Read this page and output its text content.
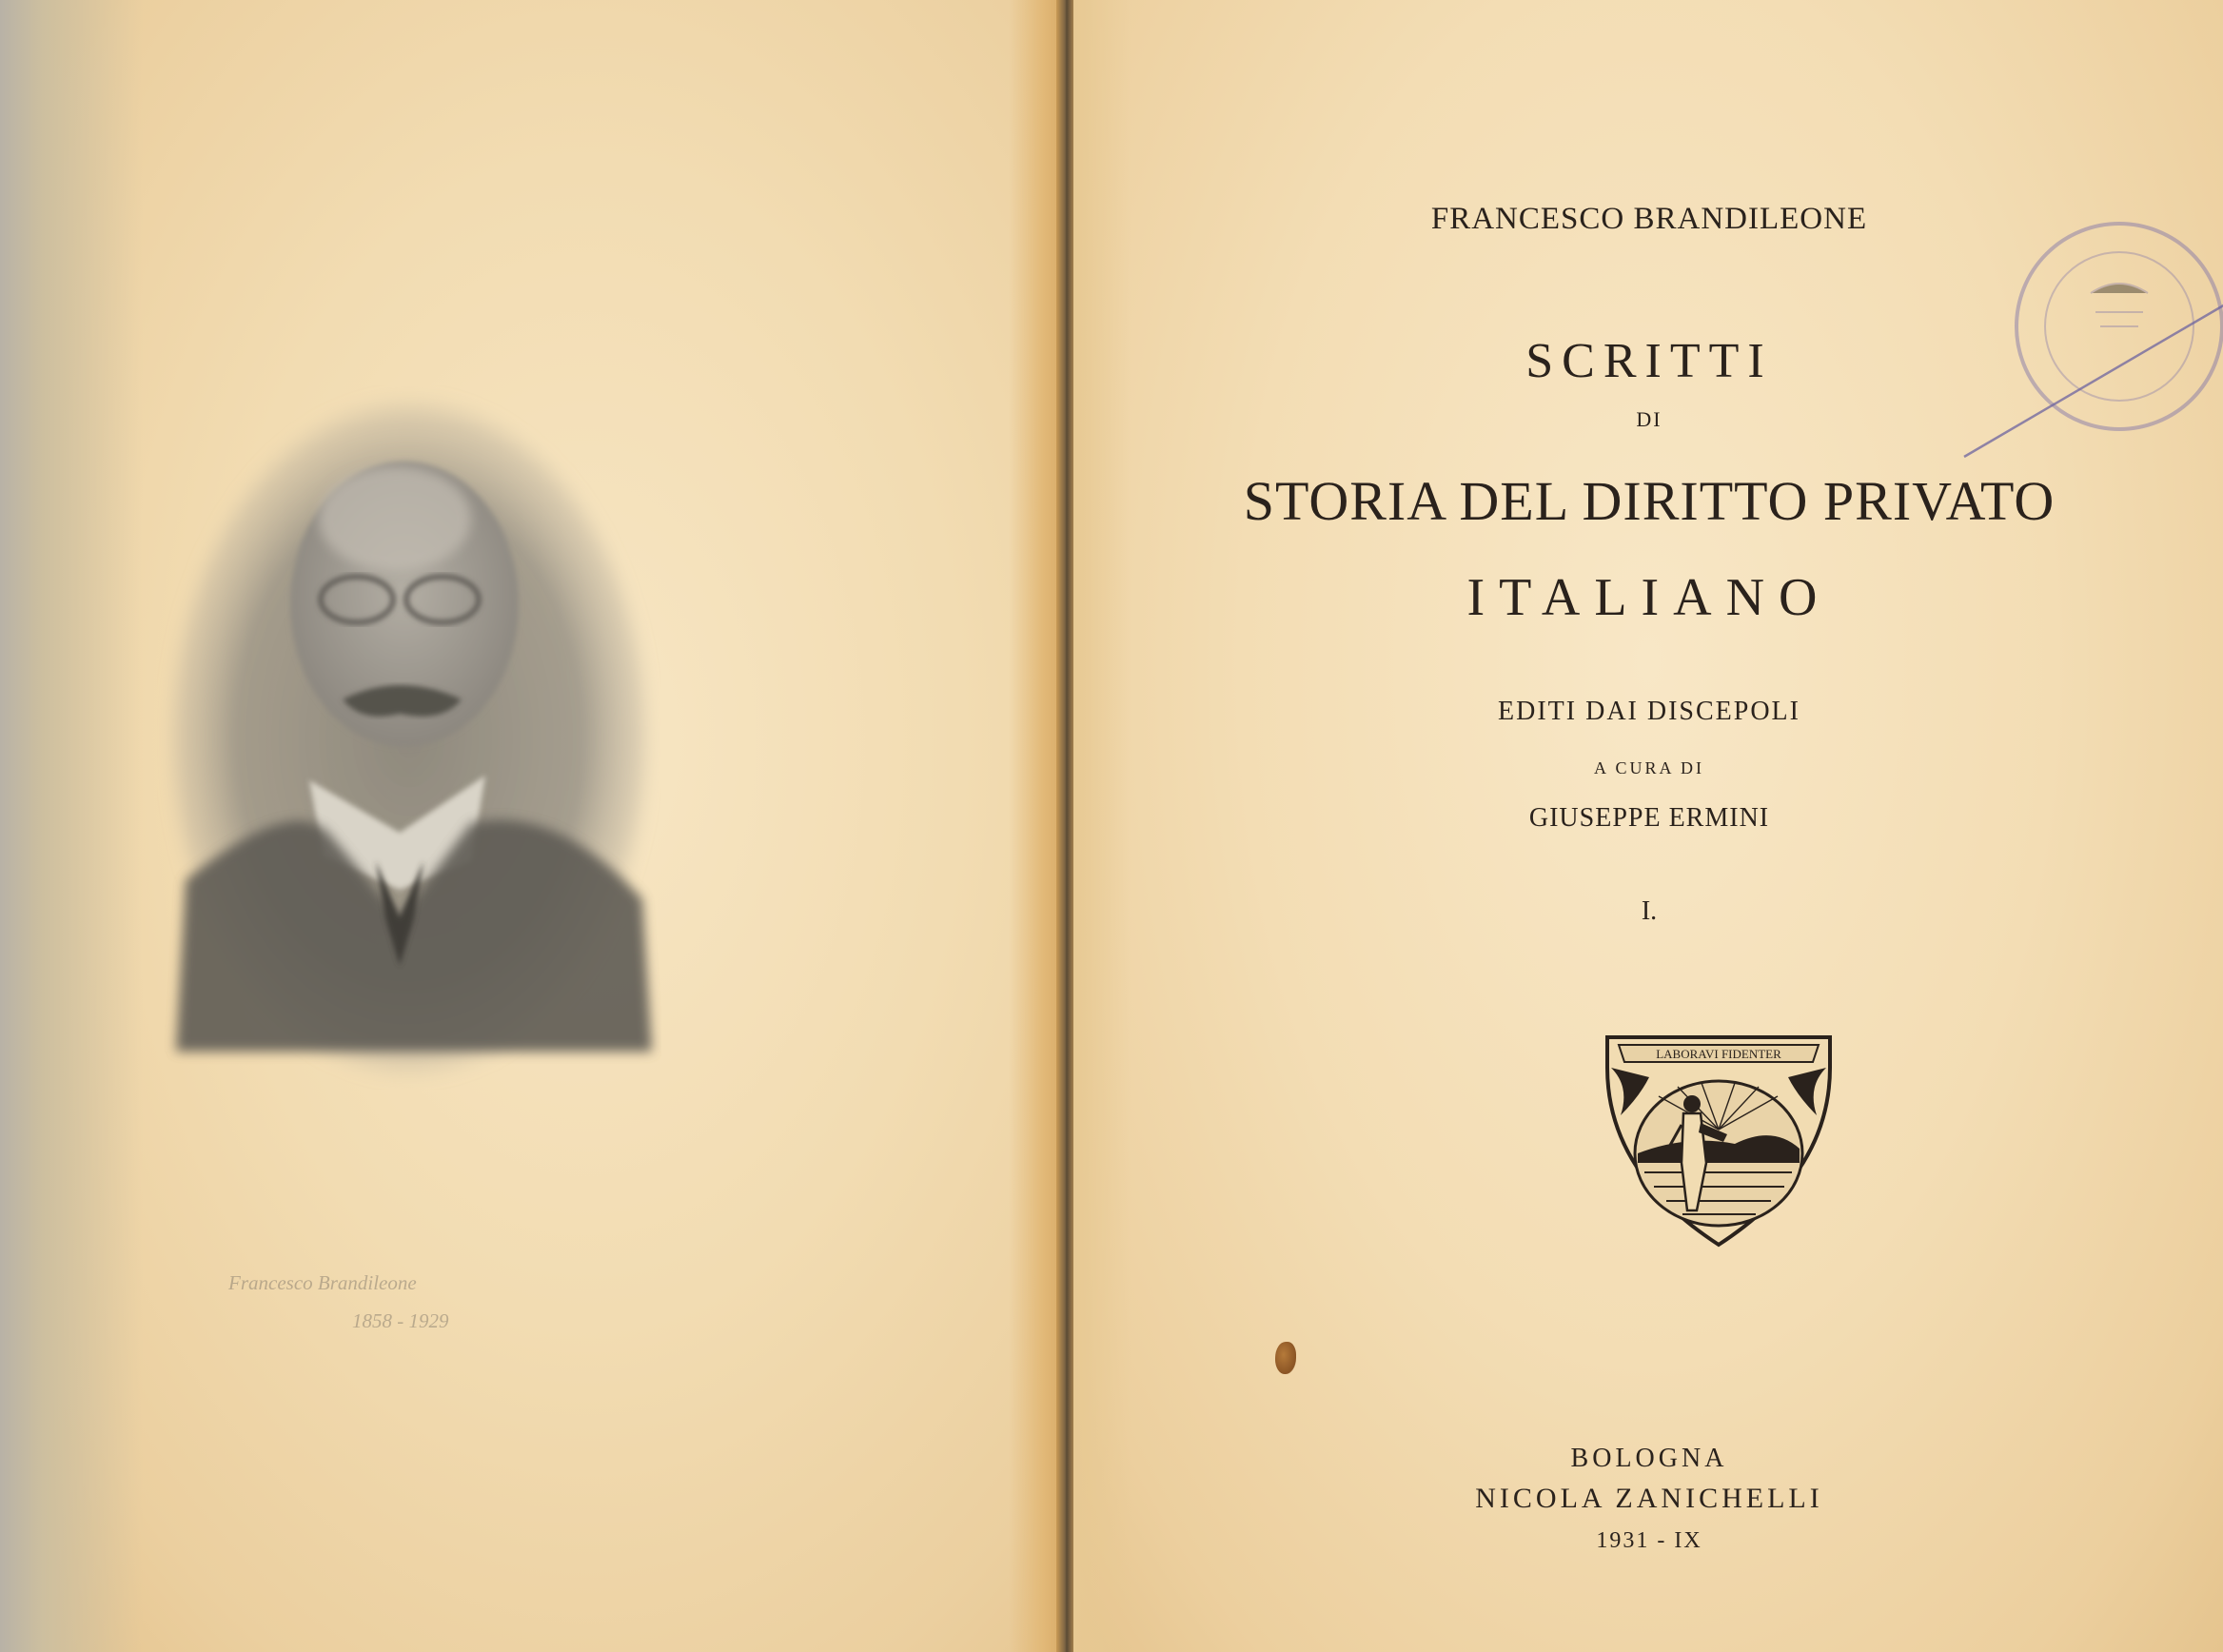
Francesco Brandileone
1858 - 1929
FRANCESCO BRANDILEONE
SCRITTI
DI
STORIA DEL DIRITTO PRIVATO
ITALIANO
EDITI DAI DISCEPOLI
A CURA DI
GIUSEPPE ERMINI
I.
LABORAVI FIDENTER
BOLOGNA
NICOLA ZANICHELLI
1931 - IX
